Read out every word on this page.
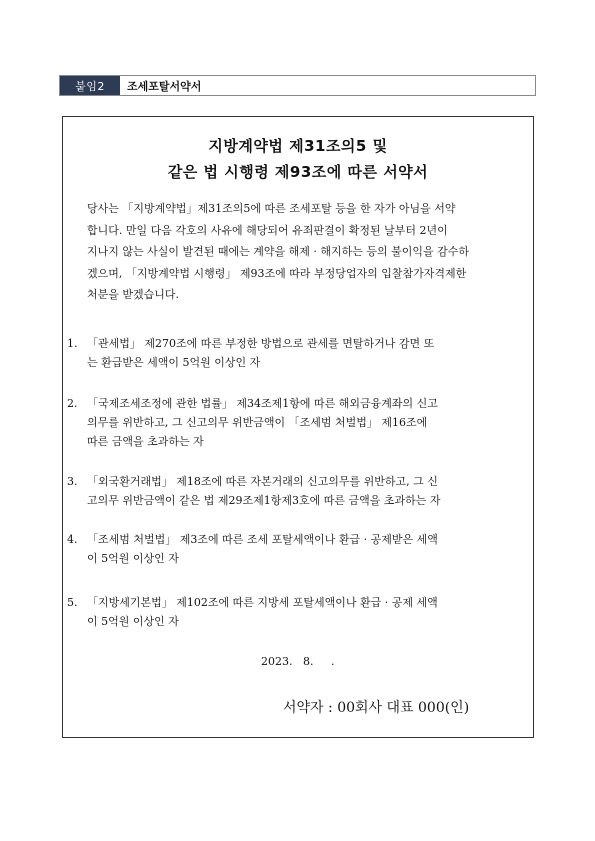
붙임2	조세포탈서약서
지방계약법 제31조의5 및
같은 법 시행령 제93조에 따른 서약서
당사는 「지방계약법」제31조의5에 따른 조세포탈 등을 한 자가 아님을 서약
합니다. 만일 다음 각호의 사유에 해당되어 유죄판결이 확정된 날부터 2년이
지나지 않는 사실이 발견된 때에는 계약을 해제 · 해지하는 등의 불이익을 감수하
겠으며, 「지방계약법 시행령」 제93조에 따라 부정당업자의 입찰참가자격제한
처분을 받겠습니다.
1. 「관세법」 제270조에 따른 부정한 방법으로 관세를 면탈하거나 감면 또
는 환급받은 세액이 5억원 이상인 자
2. 「국제조세조정에 관한 법률」 제34조제1항에 따른 해외금융계좌의 신고
의무를 위반하고, 그 신고의무 위반금액이 「조세범 처벌법」 제16조에
따른 금액을 초과하는 자
3. 「외국환거래법」 제18조에 따른 자본거래의 신고의무를 위반하고, 그 신
고의무 위반금액이 같은 법 제29조제1항제3호에 따른 금액을 초과하는 자
4. 「조세범 처벌법」 제3조에 따른 조세 포탈세액이나 환급 · 공제받은 세액
이 5억원 이상인 자
5. 「지방세기본법」 제102조에 따른 지방세 포탈세액이나 환급 · 공제 세액
이 5억원 이상인 자
2023.   8.     .
서약자 : 00회사 대표 000(인)
